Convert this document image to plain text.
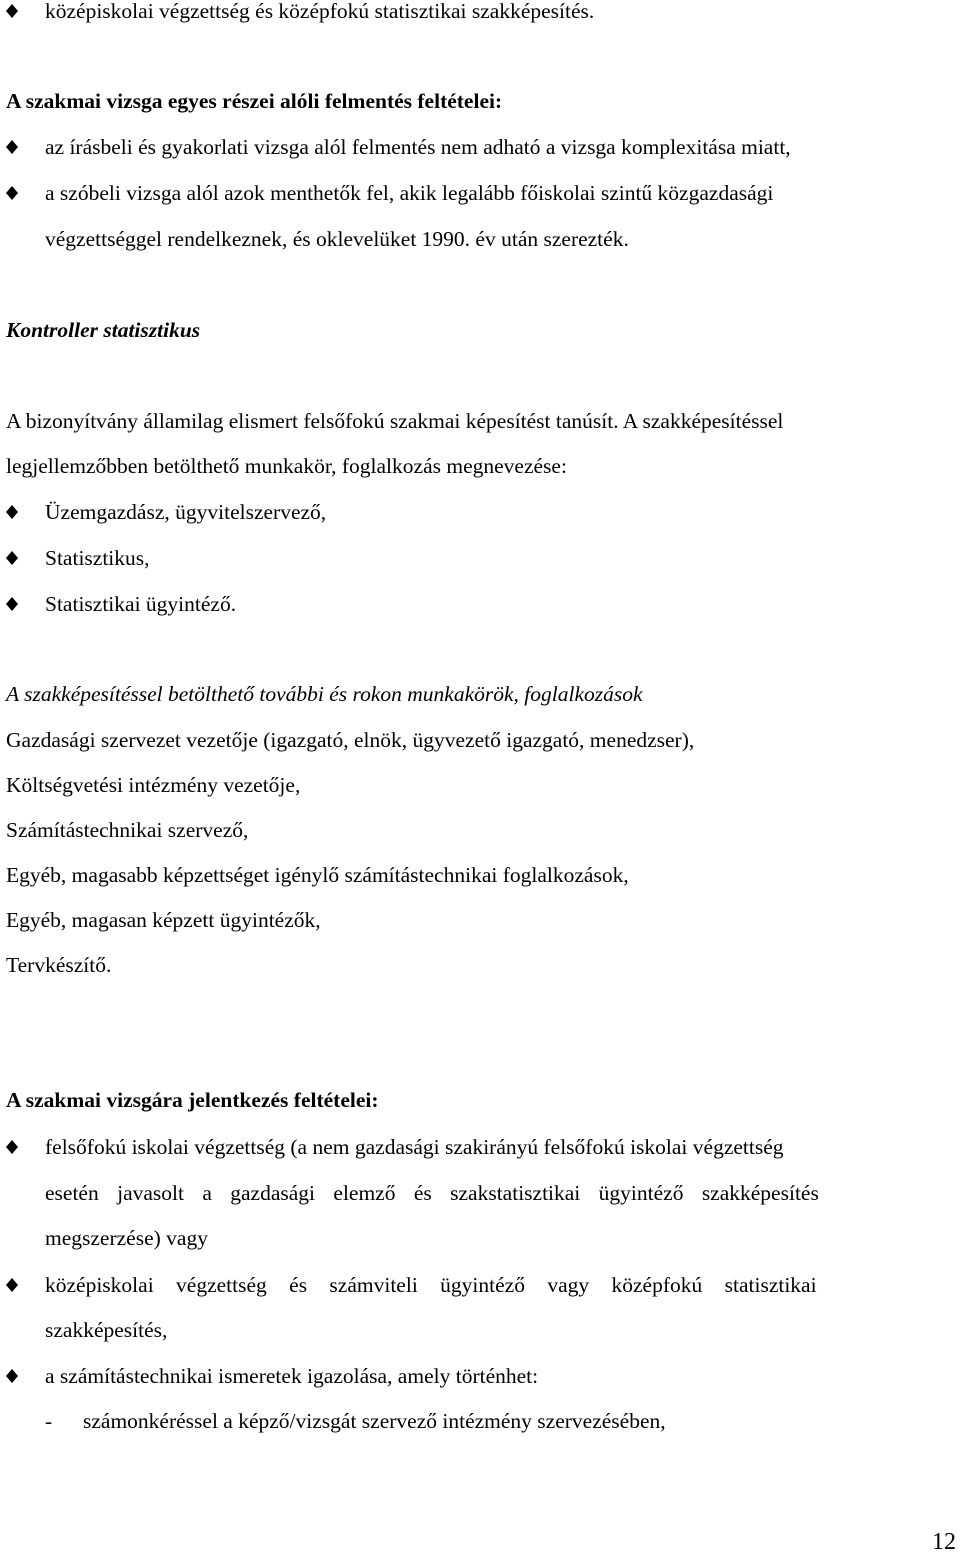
középiskolai végzettség és középfokú statisztikai szakképesítés.
A szakmai vizsga egyes részei alóli felmentés feltételei:
az írásbeli és gyakorlati vizsga alól felmentés nem adható a vizsga komplexitása miatt,
a szóbeli vizsga alól azok menthetők fel, akik legalább főiskolai szintű közgazdasági
végzettséggel rendelkeznek, és oklevelüket 1990. év után szerezték.
Kontroller statisztikus
A bizonyítvány államilag elismert felsőfokú szakmai képesítést tanúsít. A szakképesítéssel
legjellemzőbben betölthető munkakör, foglalkozás megnevezése:
Üzemgazdász, ügyvitelszervező,
Statisztikus,
Statisztikai ügyintéző.
A szakképesítéssel betölthető további és rokon munkakörök, foglalkozások
Gazdasági szervezet vezetője (igazgató, elnök, ügyvezető igazgató, menedzser),
Költségvetési intézmény vezetője,
Számítástechnikai szervező,
Egyéb, magasabb képzettséget igénylő számítástechnikai foglalkozások,
Egyéb, magasan képzett ügyintézők,
Tervkészítő.
A szakmai vizsgára jelentkezés feltételei:
felsőfokú iskolai végzettség (a nem gazdasági szakirányú felsőfokú iskolai végzettség
esetén javasolt a gazdasági elemző és szakstatisztikai ügyintéző szakképesítés
megszerzése) vagy
középiskolai végzettség és számviteli ügyintéző vagy középfokú statisztikai
szakképesítés,
a számítástechnikai ismeretek igazolása, amely történhet:
- számonkéréssel a képző/vizsgát szervező intézmény szervezésében,
12
